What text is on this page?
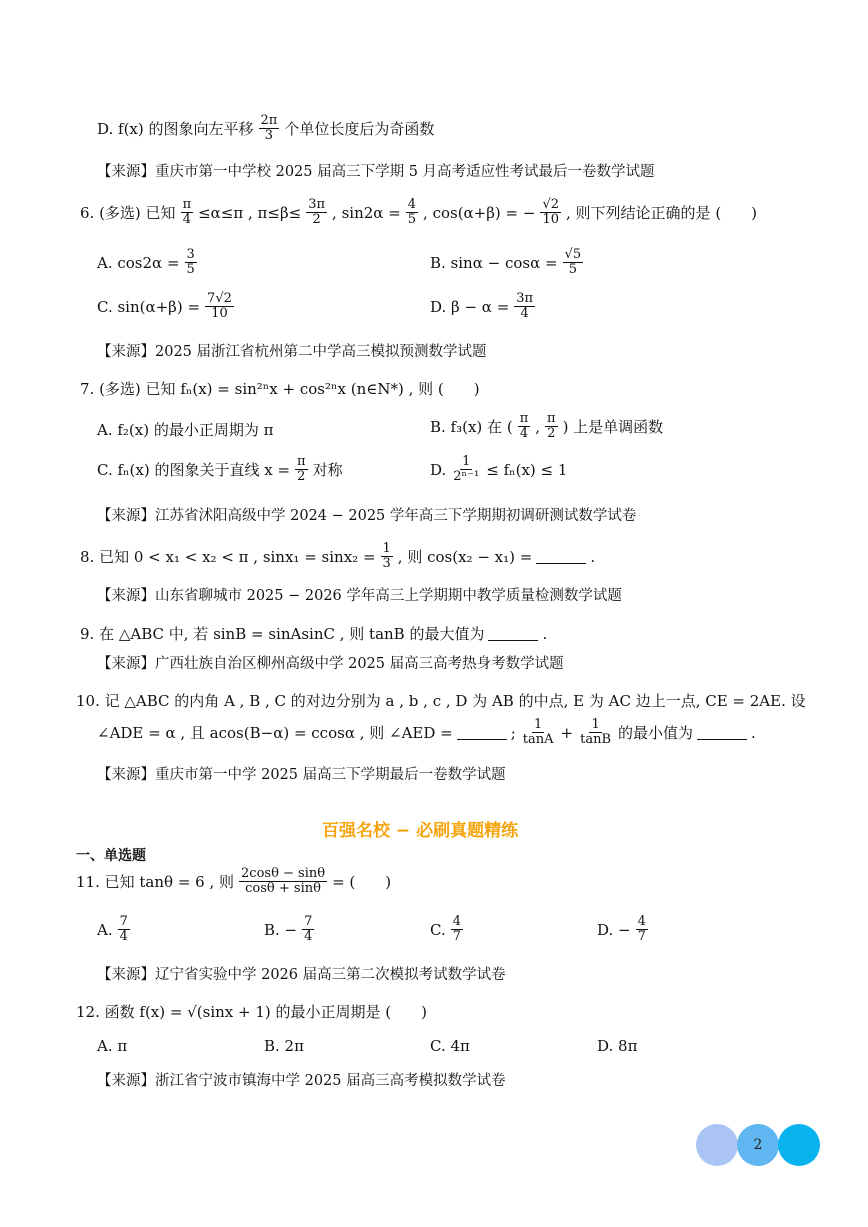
D. f(x) 的图象向左平移 $\frac{2\pi}{3}$ 个单位长度后为奇函数
【来源】重庆市第一中学校 2025 届高三下学期 5 月高考适应性考试最后一卷数学试题
6. (多选) 已知 $\frac{\pi}{4} \le\alpha\le\pi$ , $\pi\le\beta\le \frac{3\pi}{2}$ , $\sin 2\alpha = \frac{4}{5}$ , cos(α+β) = − $\frac{√2}{10}$ , 则下列结论正确的是 (　　)
A. $\cos 2\alpha = \frac{3}{5}$	B. $\sin\alpha - \cos\alpha = \frac{√5}{5}$
C. $\sin(\alpha+\beta) = \frac{7√2}{10}$	D. $\beta - \alpha = \frac{3\pi}{4}$
【来源】2025 届浙江省杭州第二中学高三模拟预测数学试题
7. (多选) 已知 fₙ(x) = sin²ⁿx + cos²ⁿx (n∈N*) , 则 (　　)
A. f₂(x) 的最小正周期为 π	B. f₃(x) 在 ( $\frac{\pi}{4}$ , $\frac{\pi}{2}$ ) 上是单调函数
C. fₙ(x) 的图象关于直线 $x = \frac{\pi}{2}$ 对称	D. $\frac{1}{\text{2ⁿ⁻¹}} \le f_n(x) \le 1$
【来源】江苏省沭阳高级中学 2024 − 2025 学年高三下学期期初调研测试数学试卷
8. 已知 0 < x₁ < x₂ < π , $\sin x_1 = \sin x_2 = \frac{1}{3}$ , 则 cos(x₂ − x₁) =	.
【来源】山东省聊城市 2025 − 2026 学年高三上学期期中教学质量检测数学试题
9. 在 △ABC 中, 若 sinB = sinAsinC , 则 tanB 的最大值为	.
【来源】广西壮族自治区柳州高级中学 2025 届高三高考热身考数学试题
10. 记 △ABC 的内角 A , B , C 的对边分别为 a , b , c , D 为 AB 的中点, E 为 AC 边上一点, CE = 2AE. 设
∠ADE = α , 且 acos(B−α) = ccosα , 则 ∠AED =	; $\frac{1}{\tan A} + \frac{1}{\tan B}$ 的最小值为	.
【来源】重庆市第一中学 2025 届高三下学期最后一卷数学试题
百强名校 − 必刷真题精练
一、单选题
11. 已知 tanθ = 6 , 则 $\frac{2\cos\theta - \sin\theta}{\cos\theta + \sin\theta}$ = (　　)
A. $\frac{7}{4}$	B. − $\frac{7}{4}$	C. $\frac{4}{7}$	D. − $\frac{4}{7}$
【来源】辽宁省实验中学 2026 届高三第二次模拟考试数学试卷
12. 函数 f(x) = √(sinx + 1) 的最小正周期是 (　　)
A. π	B. 2π	C. 4π	D. 8π
【来源】浙江省宁波市镇海中学 2025 届高三高考模拟数学试卷
2
